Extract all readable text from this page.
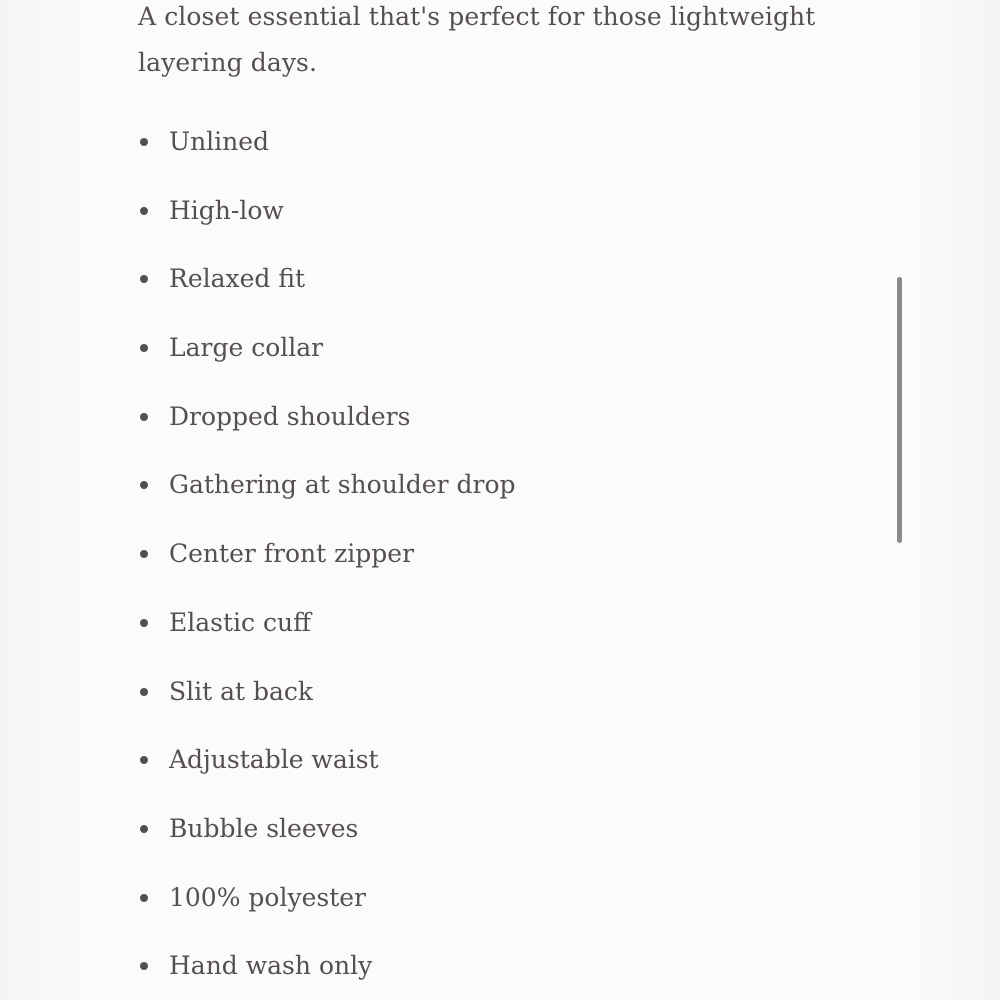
A closet essential that's perfect for those lightweight layering days.

Unlined
High-low
Relaxed fit
Large collar
Dropped shoulders
Gathering at shoulder drop
Center front zipper
Elastic cuff
Slit at back
Adjustable waist
Bubble sleeves
100% polyester
Hand wash only
